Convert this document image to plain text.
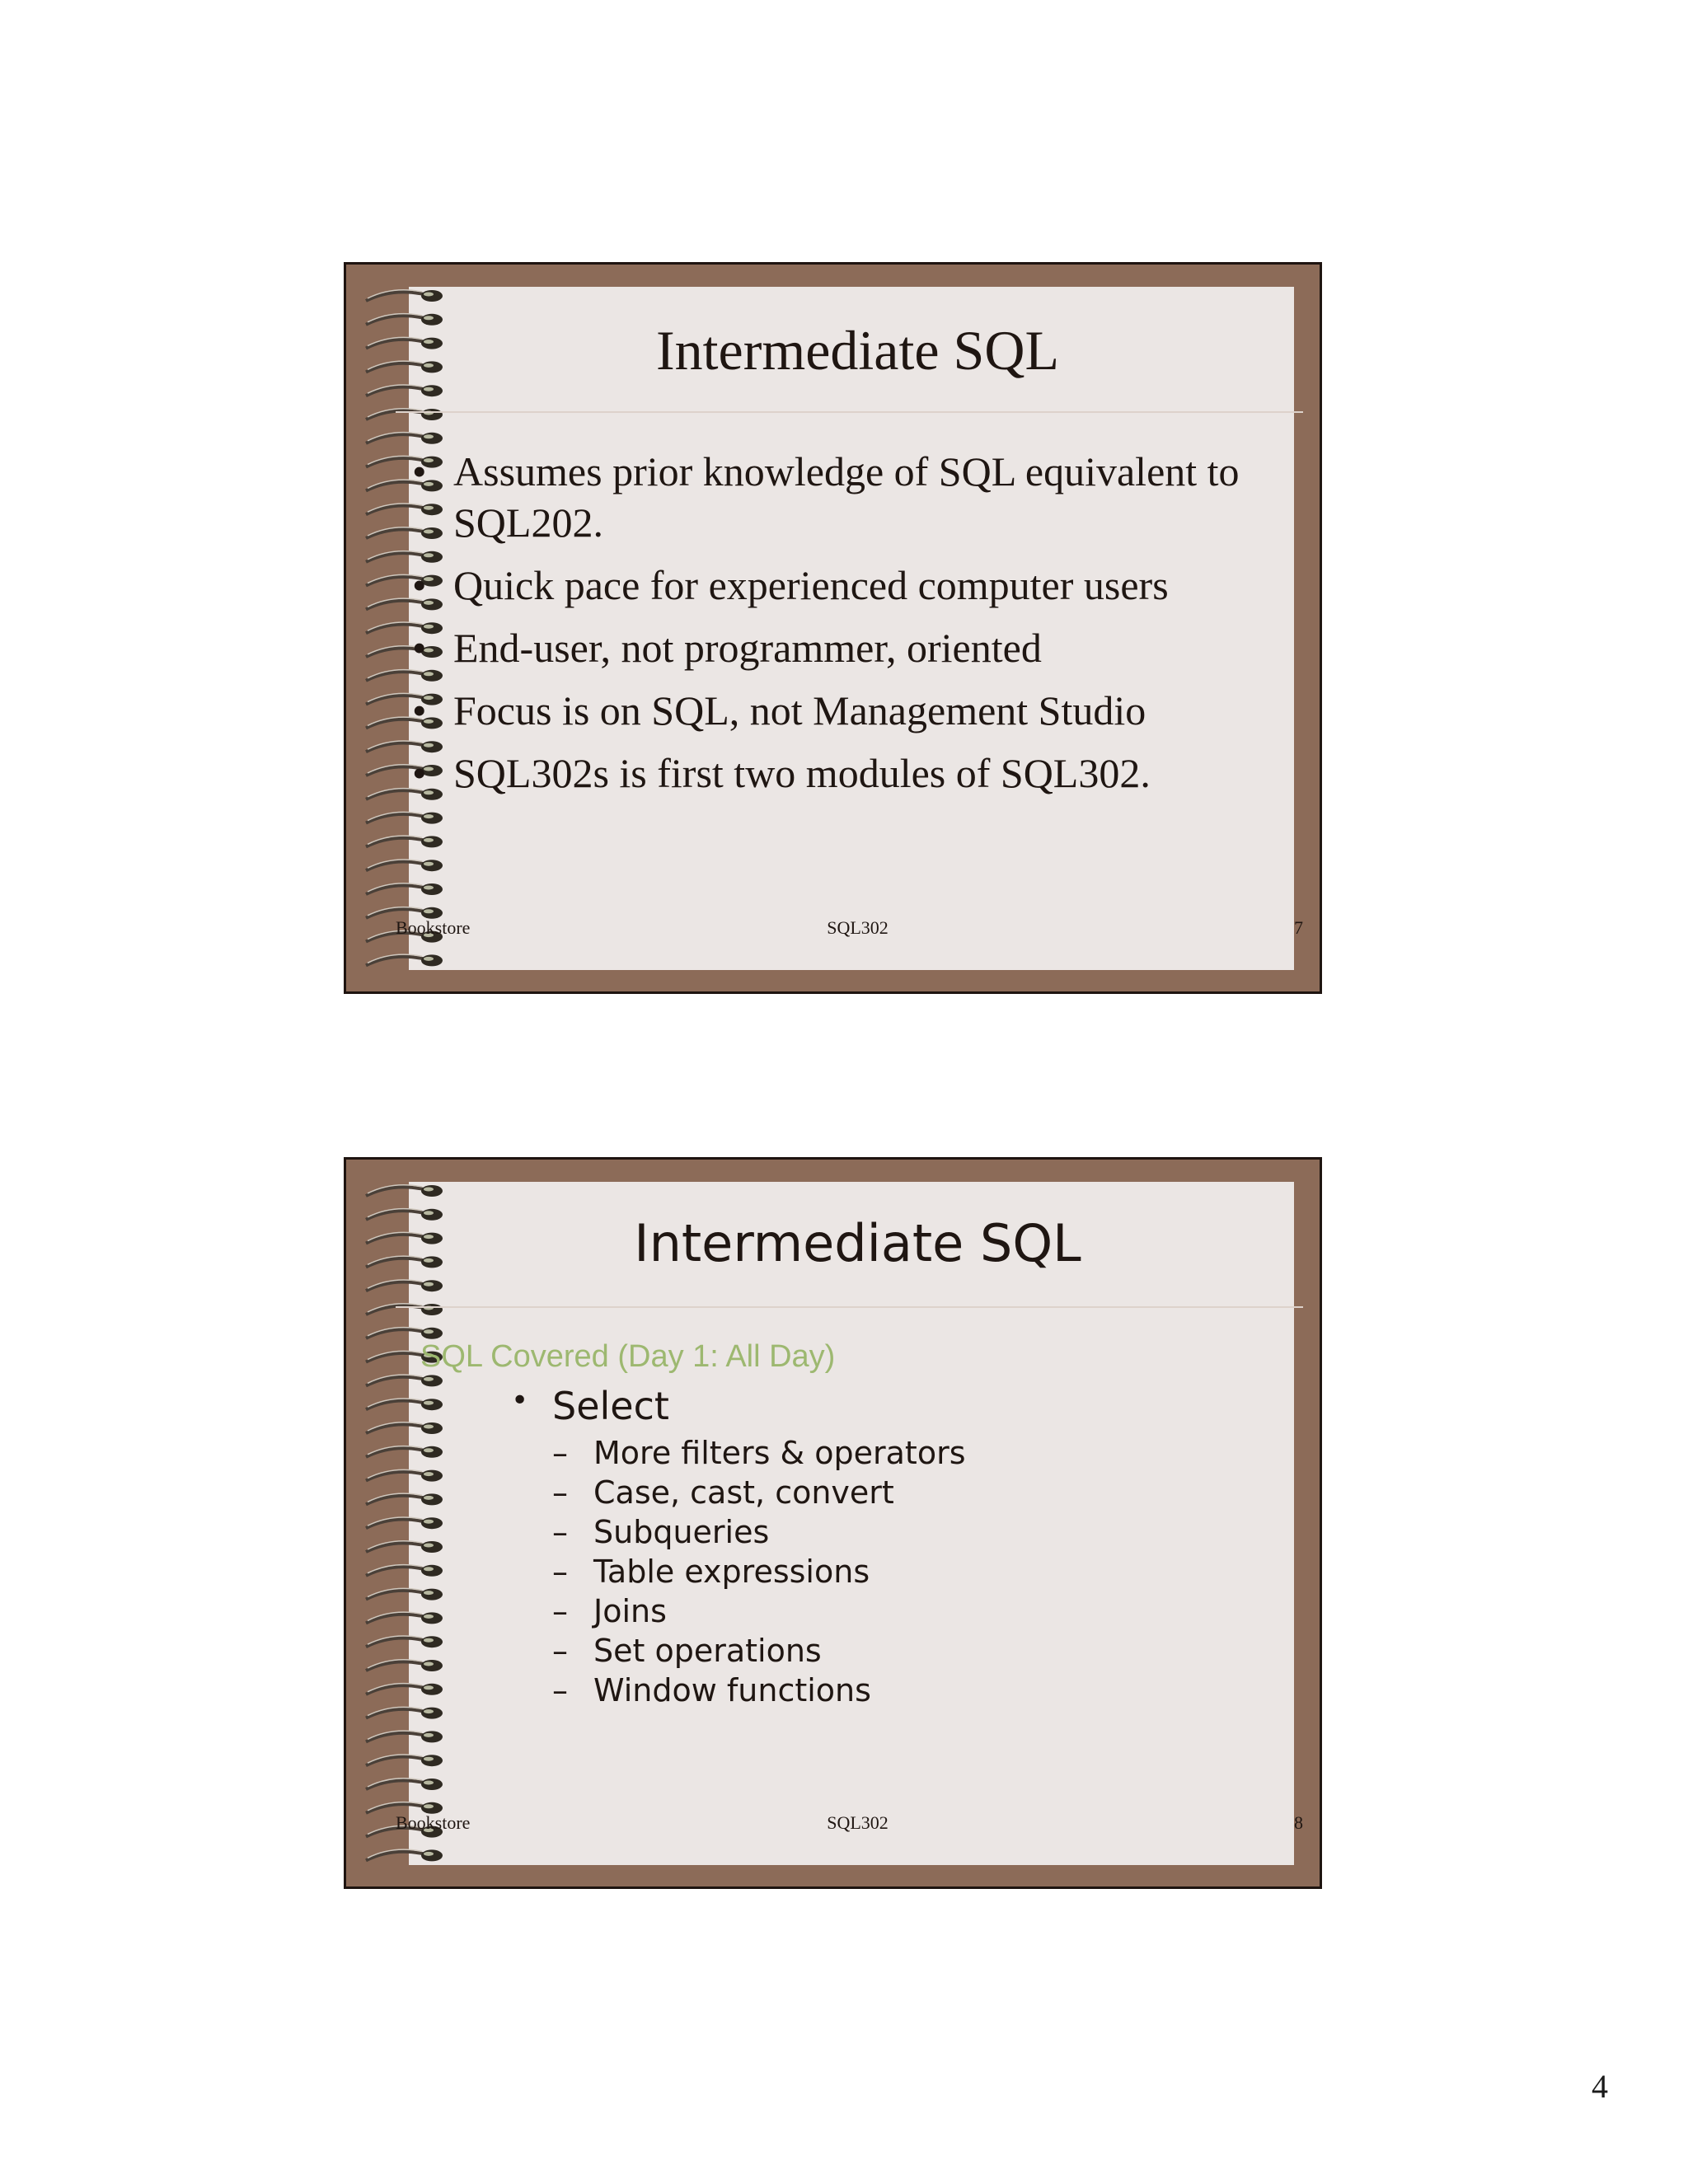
Intermediate SQL
• Assumes prior knowledge of SQL equivalent to SQL202.
• Quick pace for experienced computer users
• End-user, not programmer, oriented
• Focus is on SQL, not Management Studio
• SQL302s is first two modules of SQL302.
Bookstore	SQL302	7
Intermediate SQL
SQL Covered (Day 1: All Day)
• Select
– More filters & operators
– Case, cast, convert
– Subqueries
– Table expressions
– Joins
– Set operations
– Window functions
Bookstore	SQL302	8
4
